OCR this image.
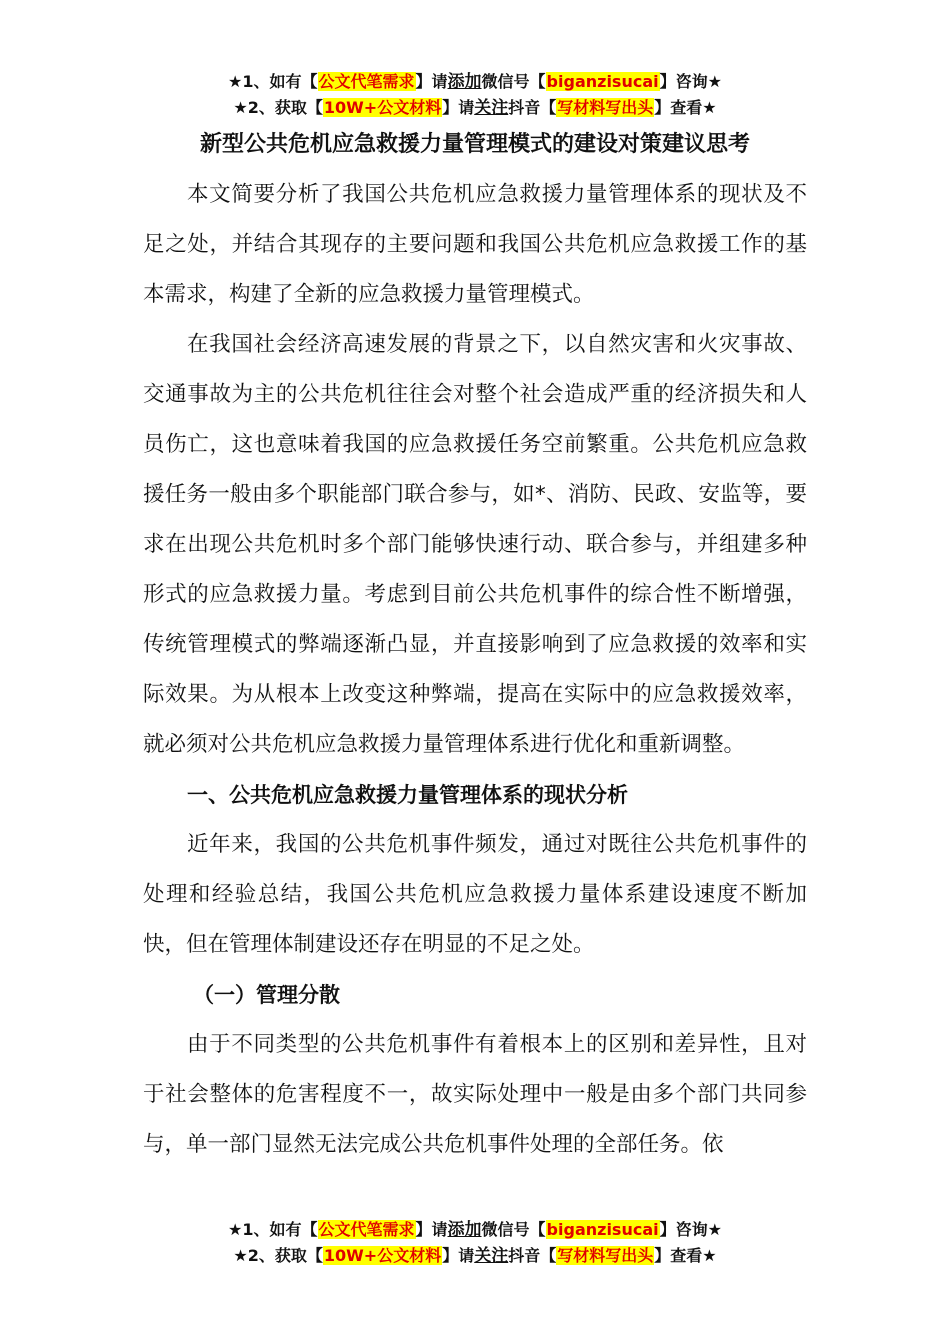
★1、如有【公文代笔需求】请添加微信号【biganzisucai】咨询★
★2、获取【10W+公文材料】请关注抖音【写材料写出头】查看★
新型公共危机应急救援力量管理模式的建设对策建议思考

本文简要分析了我国公共危机应急救援力量管理体系的现状及不足之处，并结合其现存的主要问题和我国公共危机应急救援工作的基本需求，构建了全新的应急救援力量管理模式。

在我国社会经济高速发展的背景之下，以自然灾害和火灾事故、交通事故为主的公共危机往往会对整个社会造成严重的经济损失和人员伤亡，这也意味着我国的应急救援任务空前繁重。公共危机应急救援任务一般由多个职能部门联合参与，如*、消防、民政、安监等，要求在出现公共危机时多个部门能够快速行动、联合参与，并组建多种形式的应急救援力量。考虑到目前公共危机事件的综合性不断增强，传统管理模式的弊端逐渐凸显，并直接影响到了应急救援的效率和实际效果。为从根本上改变这种弊端，提高在实际中的应急救援效率，就必须对公共危机应急救援力量管理体系进行优化和重新调整。

一、公共危机应急救援力量管理体系的现状分析

近年来，我国的公共危机事件频发，通过对既往公共危机事件的处理和经验总结，我国公共危机应急救援力量体系建设速度不断加快，但在管理体制建设还存在明显的不足之处。

（一）管理分散

由于不同类型的公共危机事件有着根本上的区别和差异性，且对于社会整体的危害程度不一，故实际处理中一般是由多个部门共同参与，单一部门显然无法完成公共危机事件处理的全部任务。依

★1、如有【公文代笔需求】请添加微信号【biganzisucai】咨询★
★2、获取【10W+公文材料】请关注抖音【写材料写出头】查看★
